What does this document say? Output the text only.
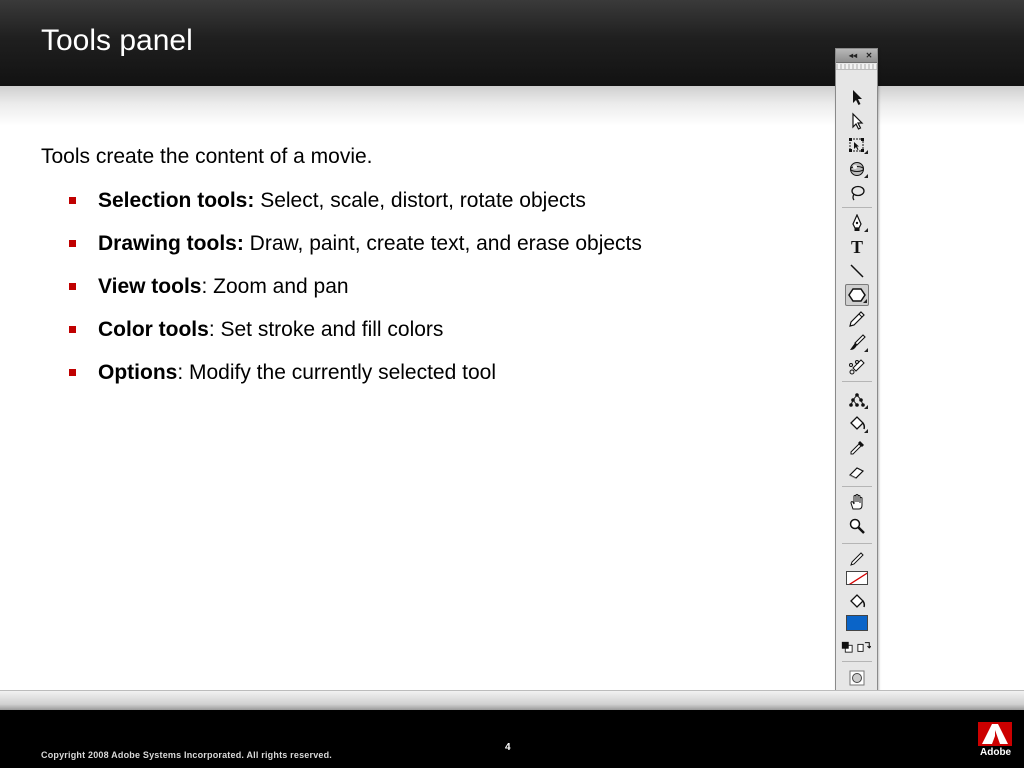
Tools panel
Tools create the content of a movie.
Selection tools: Select, scale, distort, rotate objects
Drawing tools: Draw, paint, create text, and erase objects
View tools: Zoom and pan
Color tools: Set stroke and fill colors
Options: Modify the currently selected tool
◂◂ ✕
T
4
Copyright 2008 Adobe Systems Incorporated. All rights reserved.	Adobe
